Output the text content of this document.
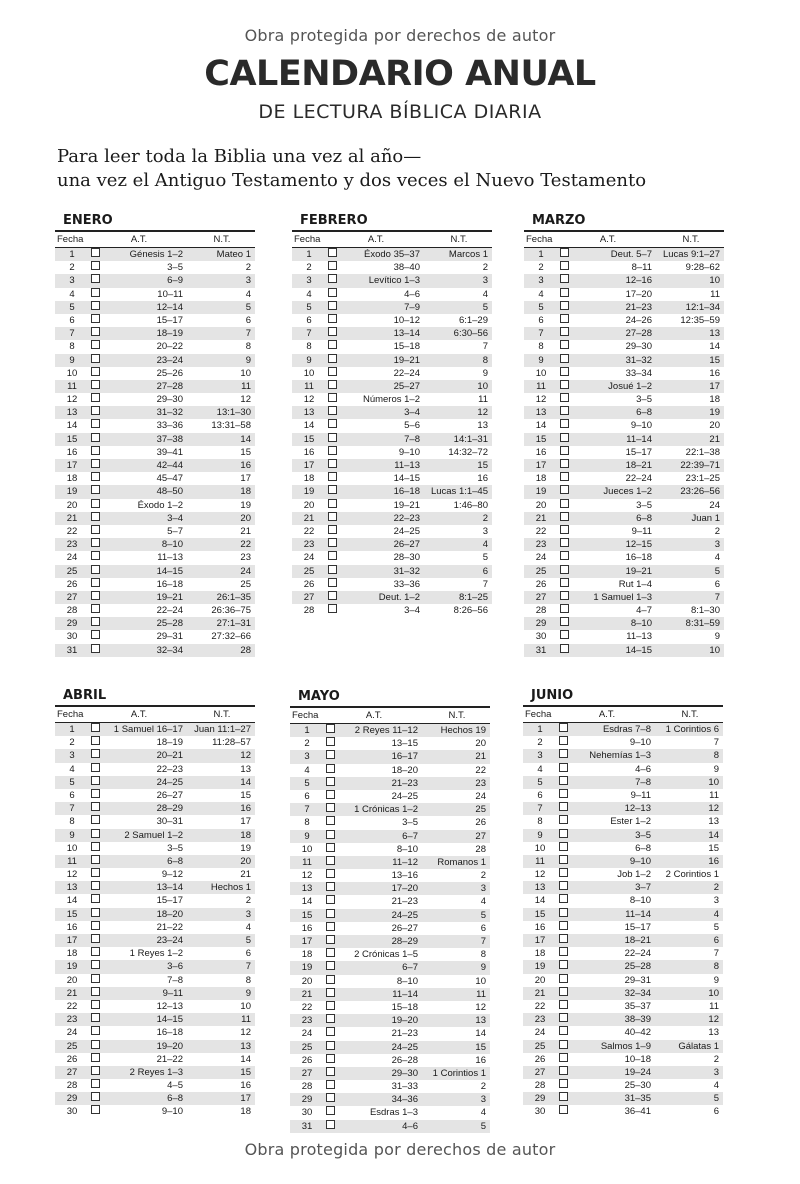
Obra protegida por derechos de autor
CALENDARIO ANUAL
DE LECTURA BÍBLICA DIARIA
Para leer toda la Biblia una vez al año—
una vez el Antiguo Testamento y dos veces el Nuevo Testamento
ENERO
Fecha	A.T.	N.T.
1	Génesis 1–2	Mateo 1
2	3–5	2
3	6–9	3
4	10–11	4
5	12–14	5
6	15–17	6
7	18–19	7
8	20–22	8
9	23–24	9
10	25–26	10
11	27–28	11
12	29–30	12
13	31–32	13:1–30
14	33–36	13:31–58
15	37–38	14
16	39–41	15
17	42–44	16
18	45–47	17
19	48–50	18
20	Éxodo 1–2	19
21	3–4	20
22	5–7	21
23	8–10	22
24	11–13	23
25	14–15	24
26	16–18	25
27	19–21	26:1–35
28	22–24	26:36–75
29	25–28	27:1–31
30	29–31	27:32–66
31	32–34	28
FEBRERO
Fecha	A.T.	N.T.
1	Éxodo 35–37	Marcos 1
2	38–40	2
3	Levítico 1–3	3
4	4–6	4
5	7–9	5
6	10–12	6:1–29
7	13–14	6:30–56
8	15–18	7
9	19–21	8
10	22–24	9
11	25–27	10
12	Números 1–2	11
13	3–4	12
14	5–6	13
15	7–8	14:1–31
16	9–10	14:32–72
17	11–13	15
18	14–15	16
19	16–18	Lucas 1:1–45
20	19–21	1:46–80
21	22–23	2
22	24–25	3
23	26–27	4
24	28–30	5
25	31–32	6
26	33–36	7
27	Deut. 1–2	8:1–25
28	3–4	8:26–56
MARZO
Fecha	A.T.	N.T.
1	Deut. 5–7	Lucas 9:1–27
2	8–11	9:28–62
3	12–16	10
4	17–20	11
5	21–23	12:1–34
6	24–26	12:35–59
7	27–28	13
8	29–30	14
9	31–32	15
10	33–34	16
11	Josué 1–2	17
12	3–5	18
13	6–8	19
14	9–10	20
15	11–14	21
16	15–17	22:1–38
17	18–21	22:39–71
18	22–24	23:1–25
19	Jueces 1–2	23:26–56
20	3–5	24
21	6–8	Juan 1
22	9–11	2
23	12–15	3
24	16–18	4
25	19–21	5
26	Rut 1–4	6
27	1 Samuel 1–3	7
28	4–7	8:1–30
29	8–10	8:31–59
30	11–13	9
31	14–15	10
ABRIL
Fecha	A.T.	N.T.
1	1 Samuel 16–17	Juan 11:1–27
2	18–19	11:28–57
3	20–21	12
4	22–23	13
5	24–25	14
6	26–27	15
7	28–29	16
8	30–31	17
9	2 Samuel 1–2	18
10	3–5	19
11	6–8	20
12	9–12	21
13	13–14	Hechos 1
14	15–17	2
15	18–20	3
16	21–22	4
17	23–24	5
18	1 Reyes 1–2	6
19	3–6	7
20	7–8	8
21	9–11	9
22	12–13	10
23	14–15	11
24	16–18	12
25	19–20	13
26	21–22	14
27	2 Reyes 1–3	15
28	4–5	16
29	6–8	17
30	9–10	18
MAYO
Fecha	A.T.	N.T.
1	2 Reyes 11–12	Hechos 19
2	13–15	20
3	16–17	21
4	18–20	22
5	21–23	23
6	24–25	24
7	1 Crónicas 1–2	25
8	3–5	26
9	6–7	27
10	8–10	28
11	11–12	Romanos 1
12	13–16	2
13	17–20	3
14	21–23	4
15	24–25	5
16	26–27	6
17	28–29	7
18	2 Crónicas 1–5	8
19	6–7	9
20	8–10	10
21	11–14	11
22	15–18	12
23	19–20	13
24	21–23	14
25	24–25	15
26	26–28	16
27	29–30	1 Corintios 1
28	31–33	2
29	34–36	3
30	Esdras 1–3	4
31	4–6	5
JUNIO
Fecha	A.T.	N.T.
1	Esdras 7–8	1 Corintios 6
2	9–10	7
3	Nehemías 1–3	8
4	4–6	9
5	7–8	10
6	9–11	11
7	12–13	12
8	Ester 1–2	13
9	3–5	14
10	6–8	15
11	9–10	16
12	Job 1–2	2 Corintios 1
13	3–7	2
14	8–10	3
15	11–14	4
16	15–17	5
17	18–21	6
18	22–24	7
19	25–28	8
20	29–31	9
21	32–34	10
22	35–37	11
23	38–39	12
24	40–42	13
25	Salmos 1–9	Gálatas 1
26	10–18	2
27	19–24	3
28	25–30	4
29	31–35	5
30	36–41	6
Obra protegida por derechos de autor
